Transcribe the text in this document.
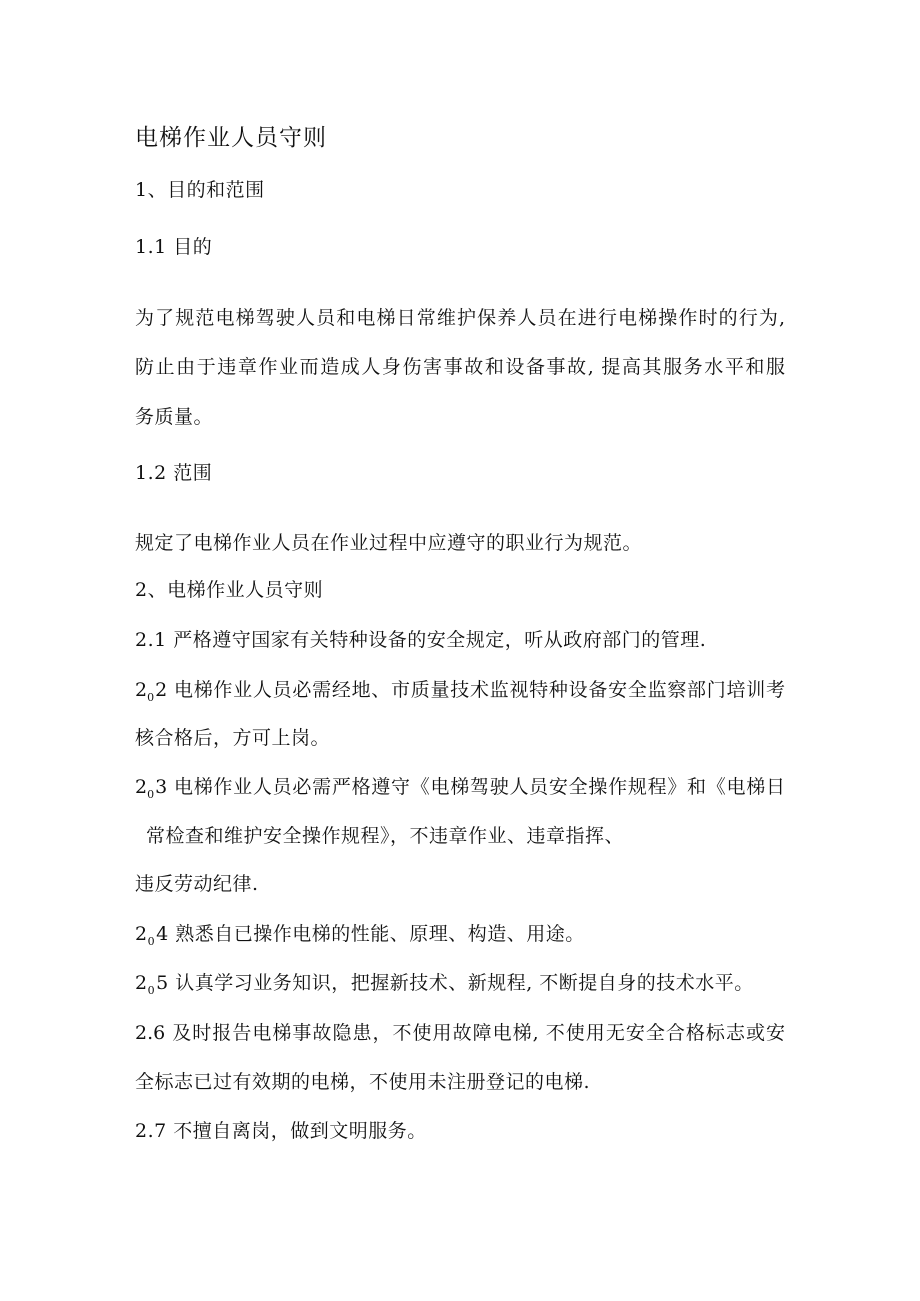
电梯作业人员守则
1、目的和范围
1.1 目的
为了规范电梯驾驶人员和电梯日常维护保养人员在进行电梯操作时的行为,
防止由于违章作业而造成人身伤害事故和设备事故, 提高其服务水平和服
务质量。
1.2 范围
规定了电梯作业人员在作业过程中应遵守的职业行为规范。
2、电梯作业人员守则
2.1 严格遵守国家有关特种设备的安全规定，听从政府部门的管理.
$2_02$ 电梯作业人员必需经地、市质量技术监视特种设备安全监察部门培训考
核合格后，方可上岗。
$2_03$ 电梯作业人员必需严格遵守《电梯驾驶人员安全操作规程》和《电梯日
常检查和维护安全操作规程》，不违章作业、违章指挥、
违反劳动纪律.
$2_04$ 熟悉自已操作电梯的性能、原理、构造、用途。
$2_05$ 认真学习业务知识，把握新技术、新规程, 不断提自身的技术水平。
2.6 及时报告电梯事故隐患，不使用故障电梯, 不使用无安全合格标志或安
全标志已过有效期的电梯，不使用未注册登记的电梯.
2.7 不擅自离岗，做到文明服务。
